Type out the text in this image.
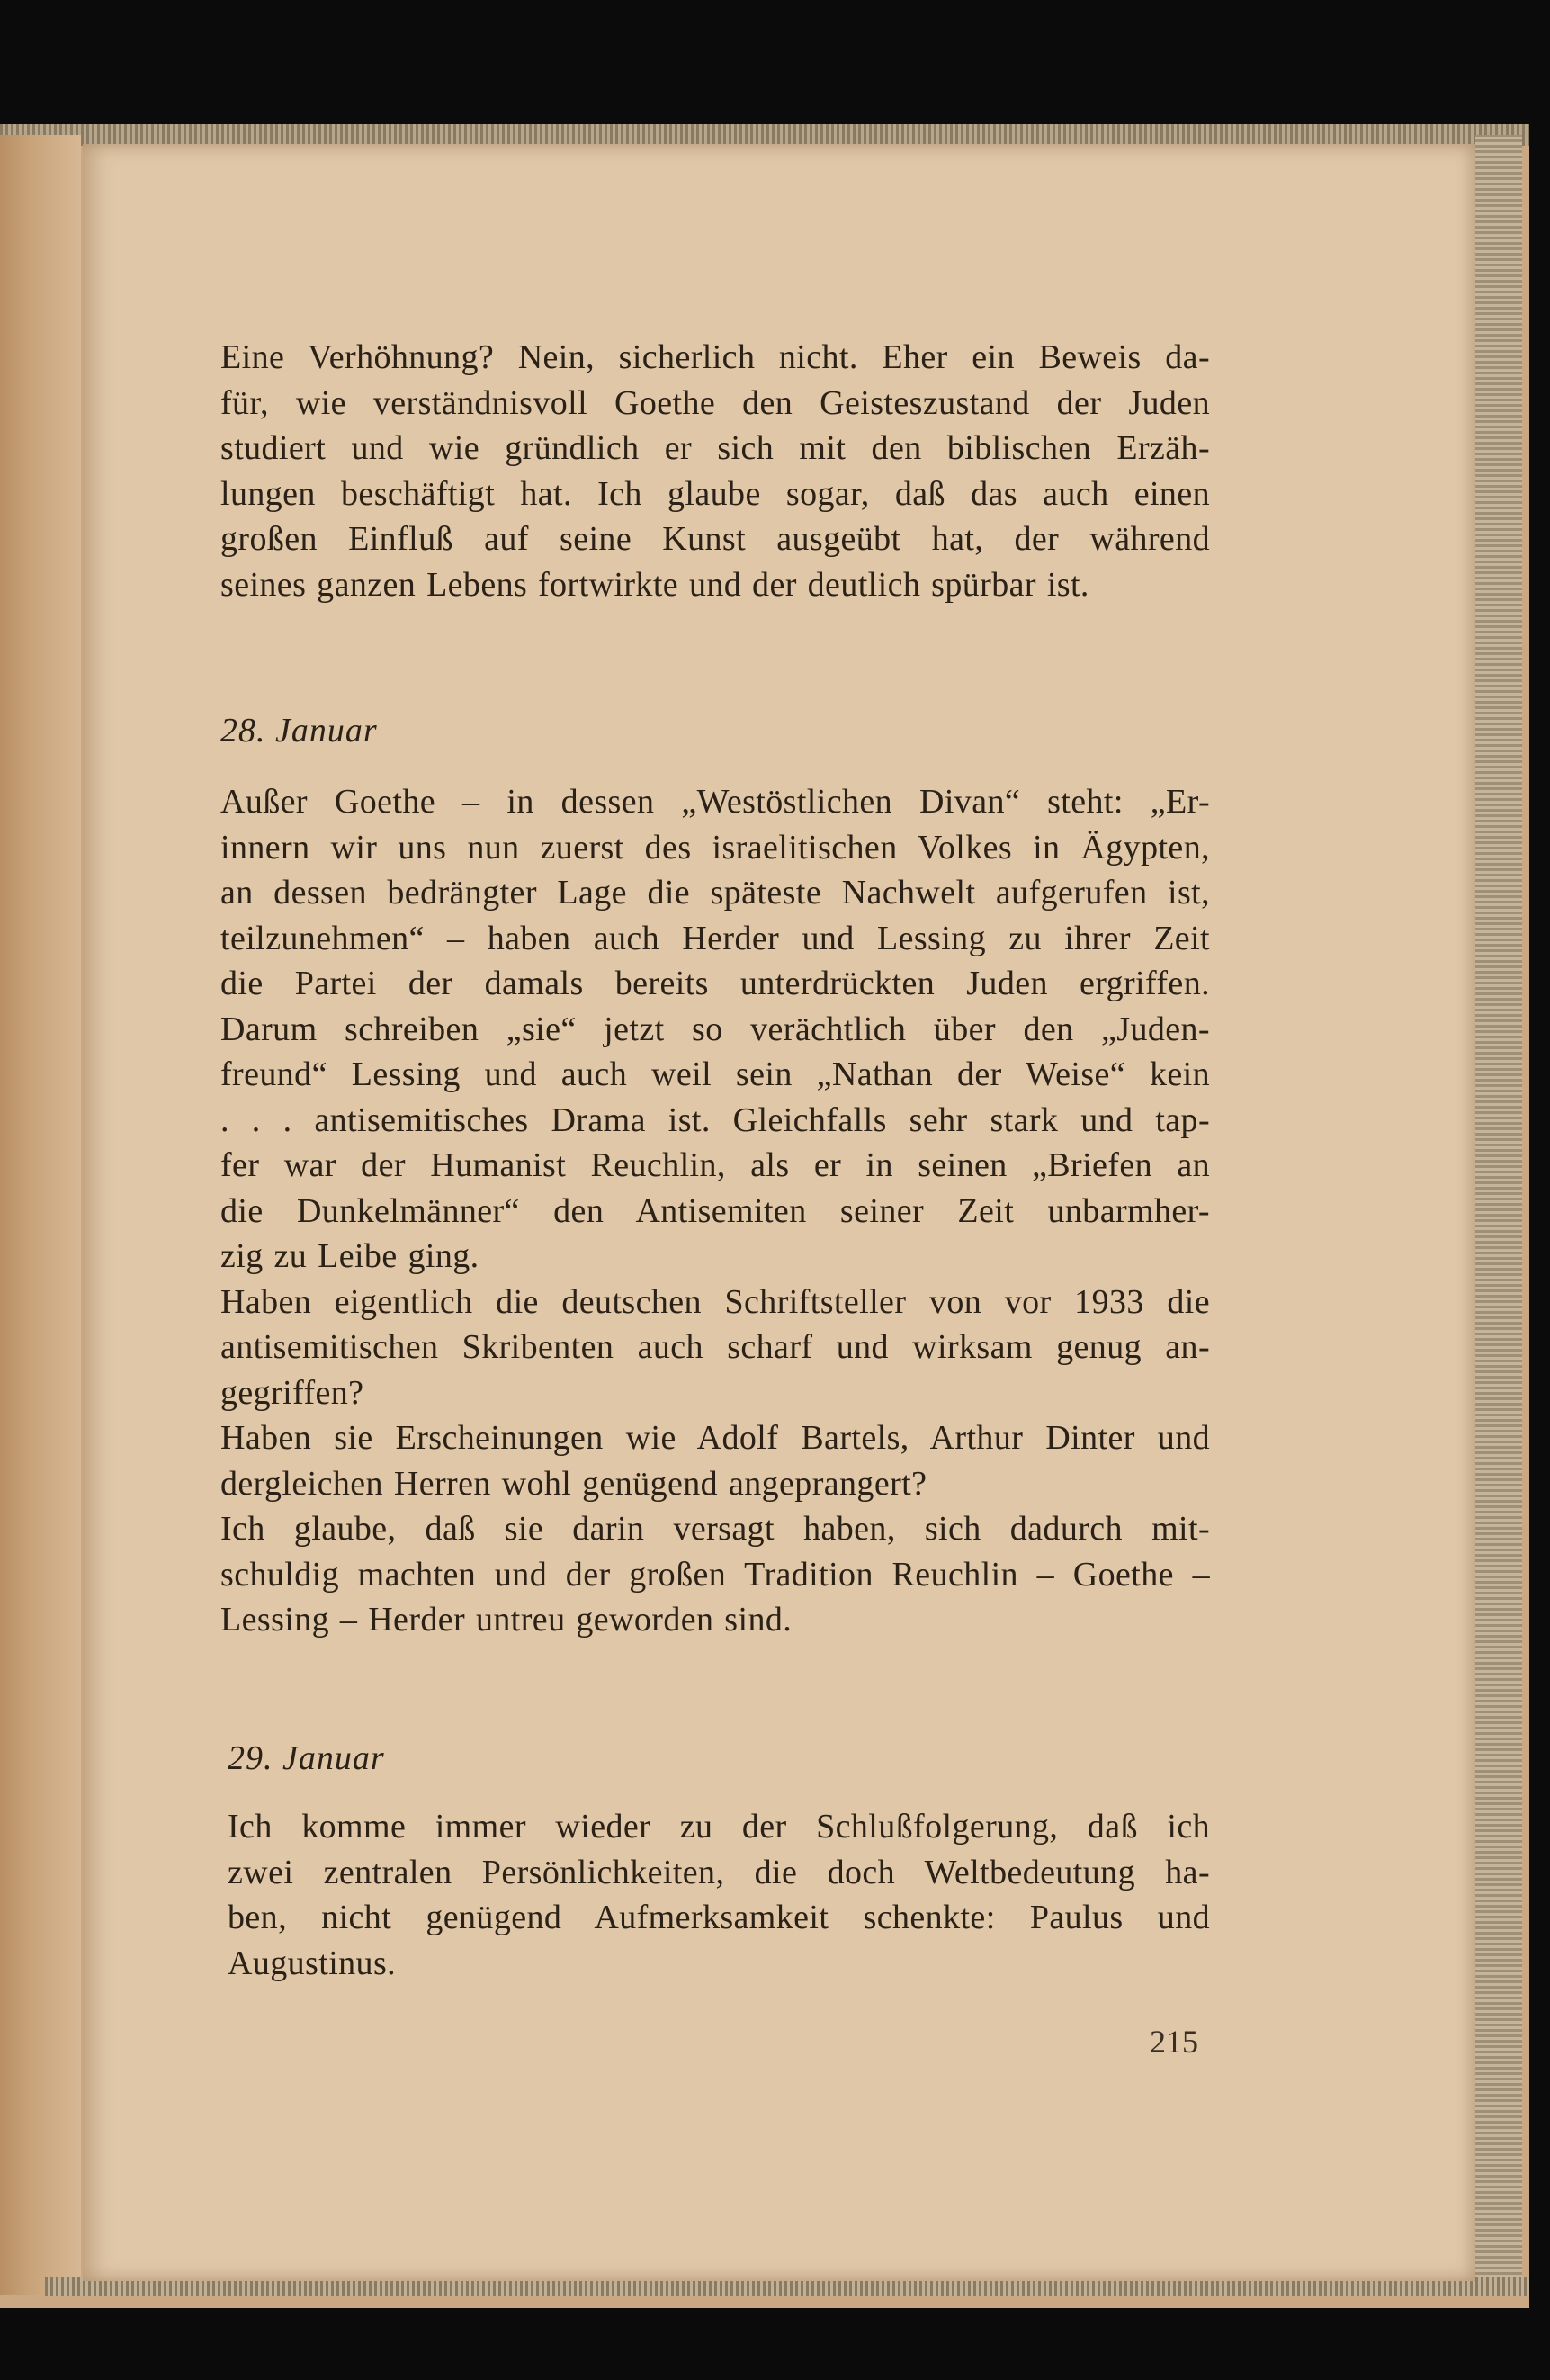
Eine Verhöhnung? Nein, sicherlich nicht. Eher ein Beweis da-
für, wie verständnisvoll Goethe den Geisteszustand der Juden
studiert und wie gründlich er sich mit den biblischen Erzäh-
lungen beschäftigt hat. Ich glaube sogar, daß das auch einen
großen Einfluß auf seine Kunst ausgeübt hat, der während
seines ganzen Lebens fortwirkte und der deutlich spürbar ist.
28. Januar
Außer Goethe – in dessen „Westöstlichen Divan“ steht: „Er-
innern wir uns nun zuerst des israelitischen Volkes in Ägypten,
an dessen bedrängter Lage die späteste Nachwelt aufgerufen ist,
teilzunehmen“ – haben auch Herder und Lessing zu ihrer Zeit
die Partei der damals bereits unterdrückten Juden ergriffen.
Darum schreiben „sie“ jetzt so verächtlich über den „Juden-
freund“ Lessing und auch weil sein „Nathan der Weise“ kein
. . . antisemitisches Drama ist. Gleichfalls sehr stark und tap-
fer war der Humanist Reuchlin, als er in seinen „Briefen an
die Dunkelmänner“ den Antisemiten seiner Zeit unbarmher-
zig zu Leibe ging.
Haben eigentlich die deutschen Schriftsteller von vor 1933 die
antisemitischen Skribenten auch scharf und wirksam genug an-
gegriffen?
Haben sie Erscheinungen wie Adolf Bartels, Arthur Dinter und
dergleichen Herren wohl genügend angeprangert?
Ich glaube, daß sie darin versagt haben, sich dadurch mit-
schuldig machten und der großen Tradition Reuchlin – Goethe –
Lessing – Herder untreu geworden sind.
29. Januar
Ich komme immer wieder zu der Schlußfolgerung, daß ich
zwei zentralen Persönlichkeiten, die doch Weltbedeutung ha-
ben, nicht genügend Aufmerksamkeit schenkte: Paulus und
Augustinus.
215
